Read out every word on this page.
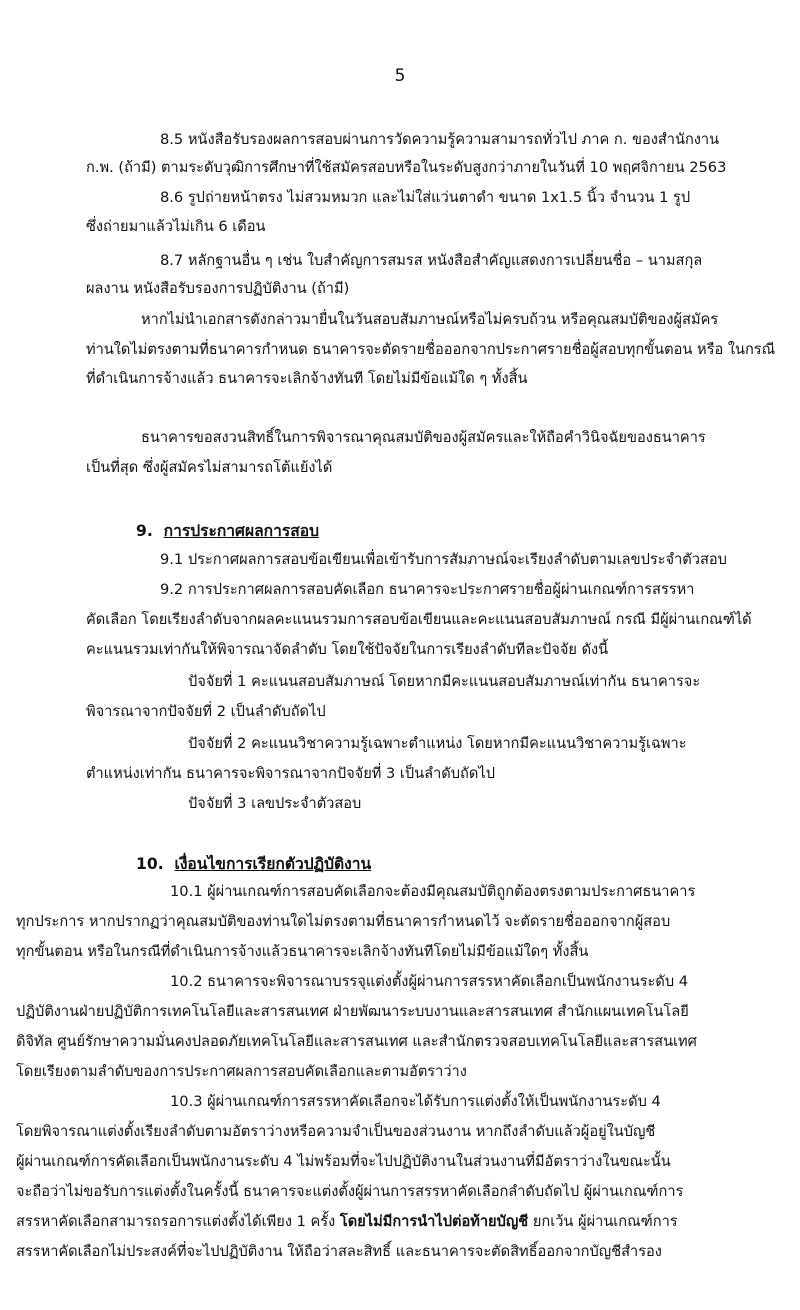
5
8.5 หนังสือรับรองผลการสอบผ่านการวัดความรู้ความสามารถทั่วไป ภาค ก. ของสำนักงาน
ก.พ. (ถ้ามี) ตามระดับวุฒิการศึกษาที่ใช้สมัครสอบหรือในระดับสูงกว่าภายในวันที่ 10 พฤศจิกายน 2563
8.6 รูปถ่ายหน้าตรง ไม่สวมหมวก และไม่ใส่แว่นตาดำ ขนาด 1x1.5 นิ้ว จำนวน 1 รูป
ซึ่งถ่ายมาแล้วไม่เกิน 6 เดือน
8.7 หลักฐานอื่น ๆ เช่น ใบสำคัญการสมรส หนังสือสำคัญแสดงการเปลี่ยนชื่อ – นามสกุล
ผลงาน หนังสือรับรองการปฏิบัติงาน (ถ้ามี)
หากไม่นำเอกสารดังกล่าวมายื่นในวันสอบสัมภาษณ์หรือไม่ครบถ้วน หรือคุณสมบัติของผู้สมัคร
ท่านใดไม่ตรงตามที่ธนาคารกำหนด ธนาคารจะตัดรายชื่อออกจากประกาศรายชื่อผู้สอบทุกขั้นตอน หรือ ในกรณี
ที่ดำเนินการจ้างแล้ว ธนาคารจะเลิกจ้างทันที โดยไม่มีข้อแม้ใด ๆ ทั้งสิ้น
ธนาคารขอสงวนสิทธิ์ในการพิจารณาคุณสมบัติของผู้สมัครและให้ถือคำวินิจฉัยของธนาคาร
เป็นที่สุด ซึ่งผู้สมัครไม่สามารถโต้แย้งได้
9. การประกาศผลการสอบ
9.1 ประกาศผลการสอบข้อเขียนเพื่อเข้ารับการสัมภาษณ์จะเรียงลำดับตามเลขประจำตัวสอบ
9.2 การประกาศผลการสอบคัดเลือก ธนาคารจะประกาศรายชื่อผู้ผ่านเกณฑ์การสรรหา
คัดเลือก โดยเรียงลำดับจากผลคะแนนรวมการสอบข้อเขียนและคะแนนสอบสัมภาษณ์ กรณี มีผู้ผ่านเกณฑ์ได้
คะแนนรวมเท่ากันให้พิจารณาจัดลำดับ โดยใช้ปัจจัยในการเรียงลำดับทีละปัจจัย ดังนี้
ปัจจัยที่ 1 คะแนนสอบสัมภาษณ์ โดยหากมีคะแนนสอบสัมภาษณ์เท่ากัน ธนาคารจะ
พิจารณาจากปัจจัยที่ 2 เป็นลำดับถัดไป
ปัจจัยที่ 2 คะแนนวิชาความรู้เฉพาะตำแหน่ง โดยหากมีคะแนนวิชาความรู้เฉพาะ
ตำแหน่งเท่ากัน ธนาคารจะพิจารณาจากปัจจัยที่ 3 เป็นลำดับถัดไป
ปัจจัยที่ 3 เลขประจำตัวสอบ
10. เงื่อนไขการเรียกตัวปฏิบัติงาน
10.1 ผู้ผ่านเกณฑ์การสอบคัดเลือกจะต้องมีคุณสมบัติถูกต้องตรงตามประกาศธนาคาร
ทุกประการ หากปรากฏว่าคุณสมบัติของท่านใดไม่ตรงตามที่ธนาคารกำหนดไว้ จะตัดรายชื่อออกจากผู้สอบ
ทุกขั้นตอน หรือในกรณีที่ดำเนินการจ้างแล้วธนาคารจะเลิกจ้างทันทีโดยไม่มีข้อแม้ใดๆ ทั้งสิ้น
10.2 ธนาคารจะพิจารณาบรรจุแต่งตั้งผู้ผ่านการสรรหาคัดเลือกเป็นพนักงานระดับ 4
ปฏิบัติงานฝ่ายปฏิบัติการเทคโนโลยีและสารสนเทศ ฝ่ายพัฒนาระบบงานและสารสนเทศ สำนักแผนเทคโนโลยี
ดิจิทัล ศูนย์รักษาความมั่นคงปลอดภัยเทคโนโลยีและสารสนเทศ และสำนักตรวจสอบเทคโนโลยีและสารสนเทศ
โดยเรียงตามลำดับของการประกาศผลการสอบคัดเลือกและตามอัตราว่าง
10.3 ผู้ผ่านเกณฑ์การสรรหาคัดเลือกจะได้รับการแต่งตั้งให้เป็นพนักงานระดับ 4
โดยพิจารณาแต่งตั้งเรียงลำดับตามอัตราว่างหรือความจำเป็นของส่วนงาน หากถึงลำดับแล้วผู้อยู่ในบัญชี
ผู้ผ่านเกณฑ์การคัดเลือกเป็นพนักงานระดับ 4 ไม่พร้อมที่จะไปปฏิบัติงานในส่วนงานที่มีอัตราว่างในขณะนั้น
จะถือว่าไม่ขอรับการแต่งตั้งในครั้งนี้ ธนาคารจะแต่งตั้งผู้ผ่านการสรรหาคัดเลือกลำดับถัดไป ผู้ผ่านเกณฑ์การ
สรรหาคัดเลือกสามารถรอการแต่งตั้งได้เพียง 1 ครั้ง โดยไม่มีการนำไปต่อท้ายบัญชี ยกเว้น ผู้ผ่านเกณฑ์การ
สรรหาคัดเลือกไม่ประสงค์ที่จะไปปฏิบัติงาน ให้ถือว่าสละสิทธิ์ และธนาคารจะตัดสิทธิ์ออกจากบัญชีสำรอง
